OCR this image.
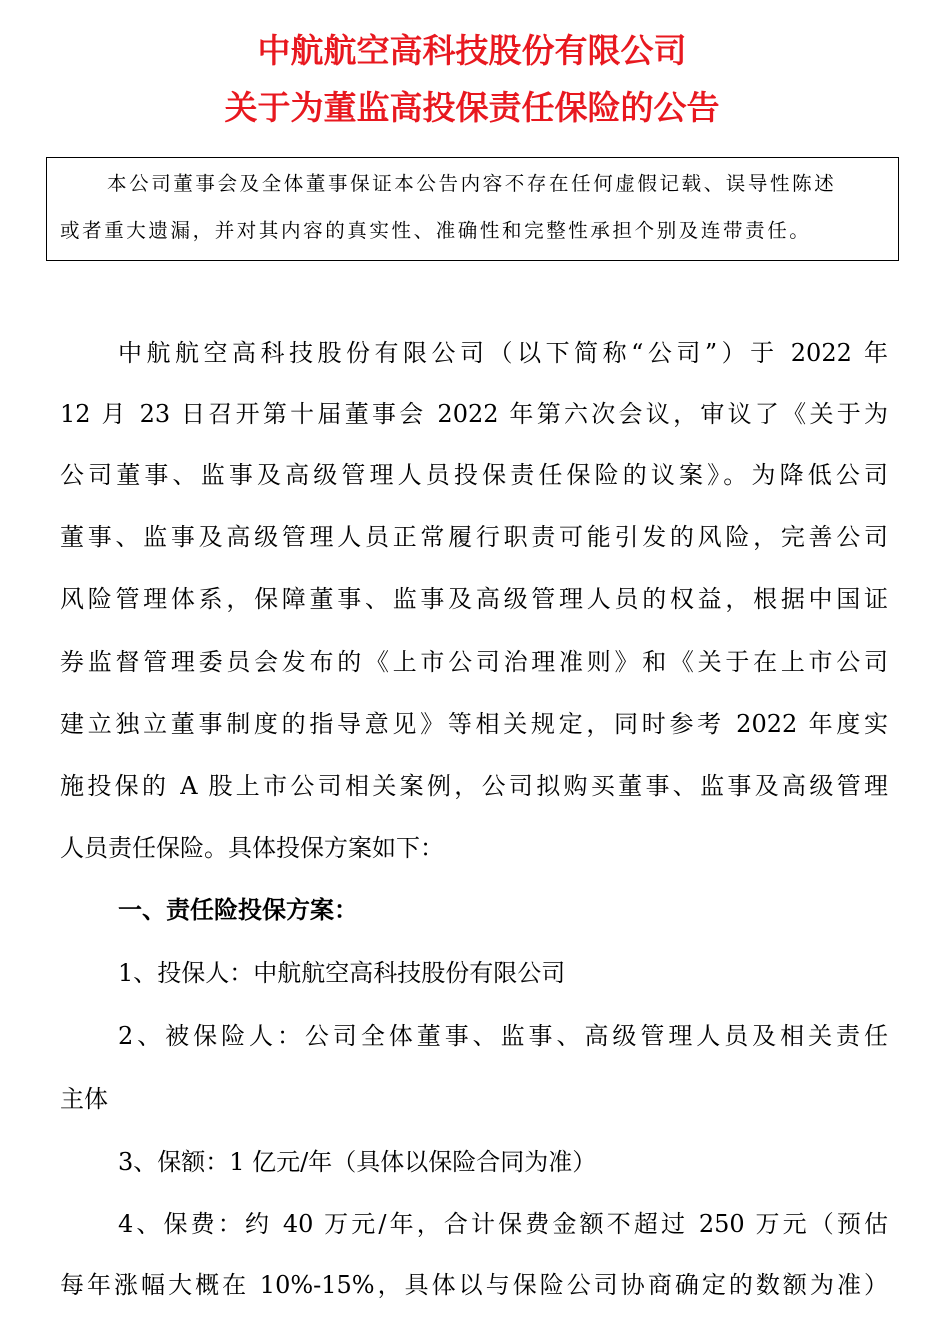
中航航空高科技股份有限公司
关于为董监高投保责任保险的公告
本公司董事会及全体董事保证本公告内容不存在任何虚假记载、误导性陈述
或者重大遗漏，并对其内容的真实性、准确性和完整性承担个别及连带责任。
中航航空高科技股份有限公司（以下简称“公司”）于 2022 年
12 月 23 日召开第十届董事会 2022 年第六次会议，审议了《关于为
公司董事、监事及高级管理人员投保责任保险的议案》。为降低公司
董事、监事及高级管理人员正常履行职责可能引发的风险，完善公司
风险管理体系，保障董事、监事及高级管理人员的权益，根据中国证
券监督管理委员会发布的《上市公司治理准则》和《关于在上市公司
建立独立董事制度的指导意见》等相关规定，同时参考 2022 年度实
施投保的 A 股上市公司相关案例，公司拟购买董事、监事及高级管理
人员责任保险。具体投保方案如下：
一、责任险投保方案：
1、投保人：中航航空高科技股份有限公司
2、被保险人：公司全体董事、监事、高级管理人员及相关责任
主体
3、保额：1 亿元/年（具体以保险合同为准）
4、保费：约 40 万元/年，合计保费金额不超过 250 万元（预估
每年涨幅大概在 10%-15%，具体以与保险公司协商确定的数额为准）
